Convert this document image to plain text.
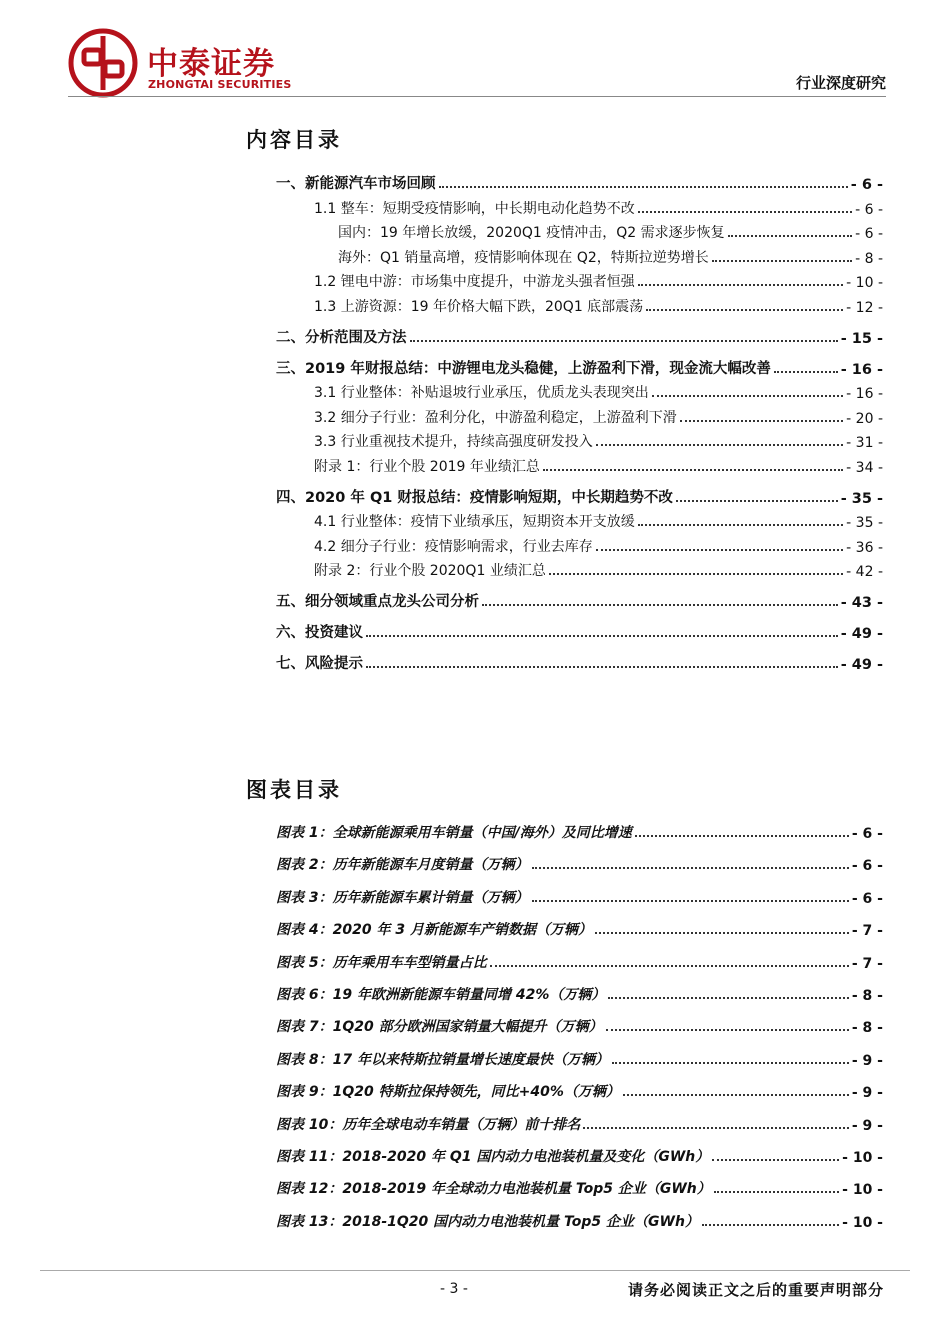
中泰证券
ZHONGTAI SECURITIES	行业深度研究
内容目录
一、新能源汽车市场回顾	- 6 -
1.1 整车：短期受疫情影响，中长期电动化趋势不改	- 6 -
国内：19 年增长放缓，2020Q1 疫情冲击，Q2 需求逐步恢复	- 6 -
海外：Q1 销量高增，疫情影响体现在 Q2，特斯拉逆势增长	- 8 -
1.2 锂电中游：市场集中度提升，中游龙头强者恒强	- 10 -
1.3 上游资源：19 年价格大幅下跌，20Q1 底部震荡	- 12 -
二、分析范围及方法	- 15 -
三、2019 年财报总结：中游锂电龙头稳健，上游盈利下滑，现金流大幅改善	- 16 -
3.1 行业整体：补贴退坡行业承压，优质龙头表现突出	- 16 -
3.2 细分子行业：盈利分化，中游盈利稳定，上游盈利下滑	- 20 -
3.3 行业重视技术提升，持续高强度研发投入	- 31 -
附录 1：行业个股 2019 年业绩汇总	- 34 -
四、2020 年 Q1 财报总结：疫情影响短期，中长期趋势不改	- 35 -
4.1 行业整体：疫情下业绩承压，短期资本开支放缓	- 35 -
4.2 细分子行业：疫情影响需求，行业去库存	- 36 -
附录 2：行业个股 2020Q1 业绩汇总	- 42 -
五、细分领域重点龙头公司分析	- 43 -
六、投资建议	- 49 -
七、风险提示	- 49 -
图表目录
图表 1：全球新能源乘用车销量（中国/海外）及同比增速	- 6 -
图表 2：历年新能源车月度销量（万辆）	- 6 -
图表 3：历年新能源车累计销量（万辆）	- 6 -
图表 4：2020 年 3 月新能源车产销数据（万辆）	- 7 -
图表 5：历年乘用车车型销量占比	- 7 -
图表 6：19 年欧洲新能源车销量同增 42%（万辆）	- 8 -
图表 7：1Q20 部分欧洲国家销量大幅提升（万辆）	- 8 -
图表 8：17 年以来特斯拉销量增长速度最快（万辆）	- 9 -
图表 9：1Q20 特斯拉保持领先，同比+40%（万辆）	- 9 -
图表 10：历年全球电动车销量（万辆）前十排名	- 9 -
图表 11：2018-2020 年 Q1 国内动力电池装机量及变化（GWh）	- 10 -
图表 12：2018-2019 年全球动力电池装机量 Top5 企业（GWh）	- 10 -
图表 13：2018-1Q20 国内动力电池装机量 Top5 企业（GWh）	- 10 -
- 3 -	请务必阅读正文之后的重要声明部分
